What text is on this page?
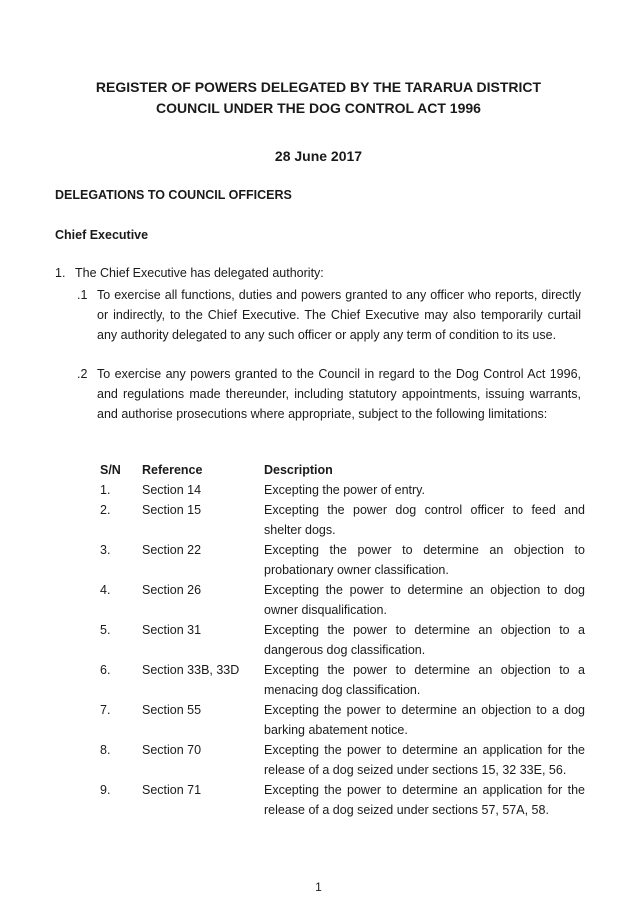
REGISTER OF POWERS DELEGATED BY THE TARARUA DISTRICT
COUNCIL UNDER THE DOG CONTROL ACT 1996
28 June 2017
DELEGATIONS TO COUNCIL OFFICERS
Chief Executive
1. The Chief Executive has delegated authority:
.1 To exercise all functions, duties and powers granted to any officer who reports, directly or indirectly, to the Chief Executive. The Chief Executive may also temporarily curtail any authority delegated to any such officer or apply any term of condition to its use.
.2 To exercise any powers granted to the Council in regard to the Dog Control Act 1996, and regulations made thereunder, including statutory appointments, issuing warrants, and authorise prosecutions where appropriate, subject to the following limitations:
S/N	Reference	Description
1.	Section 14	Excepting the power of entry.
2.	Section 15	Excepting the power dog control officer to feed and shelter dogs.
3.	Section 22	Excepting the power to determine an objection to probationary owner classification.
4.	Section 26	Excepting the power to determine an objection to dog owner disqualification.
5.	Section 31	Excepting the power to determine an objection to a dangerous dog classification.
6.	Section 33B, 33D	Excepting the power to determine an objection to a menacing dog classification.
7.	Section 55	Excepting the power to determine an objection to a dog barking abatement notice.
8.	Section 70	Excepting the power to determine an application for the release of a dog seized under sections 15, 32 33E, 56.
9.	Section 71	Excepting the power to determine an application for the release of a dog seized under sections 57, 57A, 58.
1
